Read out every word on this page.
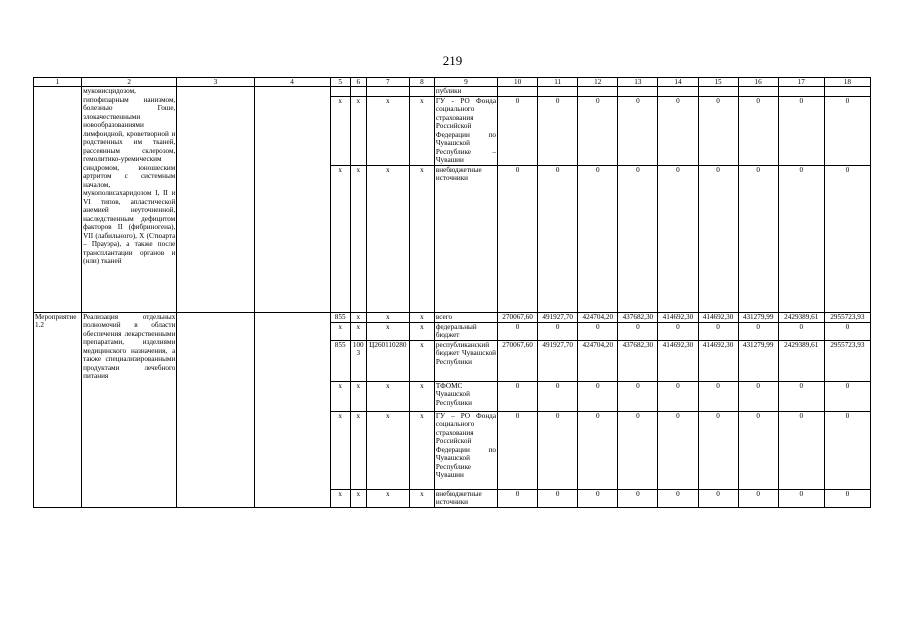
219
1	2	3	4	5	6	7	8	9	10	11	12	13	14	15	16	17	18
	муковисцидозом, гипофизарным нанизмом, болезнью Гоше, злокачественными новообразованиями лимфоидной, кроветворной и родственных им тканей, рассеянным склерозом, гемолитико-уремическим синдромом, юношеским артритом с системным началом, мукополисахаридозом I, II и VI типов, апластической анемией неуточненной, наследственным дефицитом факторов II (фибриногена), VII (лабильного), X (Стюарта – Прауэра), а также после трансплантации органов и (или) тканей							публики									
				х	х	х	х	ГУ - РО Фонда социального страхования Российской Федерации по Чувашской Республике – Чувашии	0	0	0	0	0	0	0	0	0
				х	х	х	х	внебюджетные источники	0	0	0	0	0	0	0	0	0
Мероприятие 1.2	Реализация отдельных полномочий в области обеспечения лекарственными препаратами, изделиями медицинского назначения, а также специализированными продуктами лечебного питания			855	х	х	х	всего	270067,60	491927,70	424704,20	437682,30	414692,30	414692,30	431279,99	2429389,61	2955723,93
				х	х	х	х	федеральный бюджет	0	0	0	0	0	0	0	0	0
				855	1003	Ц260110280	х	республиканский бюджет Чувашской Республики	270067,60	491927,70	424704,20	437682,30	414692,30	414692,30	431279,99	2429389,61	2955723,93
				х	х	х	х	ТФОМС Чувашской Республики	0	0	0	0	0	0	0	0	0
				х	х	х	х	ГУ – РО Фонда социального страхования Российской Федерации по Чувашской Республике Чувашии	0	0	0	0	0	0	0	0	0
				х	х	х	х	внебюджетные источники	0	0	0	0	0	0	0	0	0
